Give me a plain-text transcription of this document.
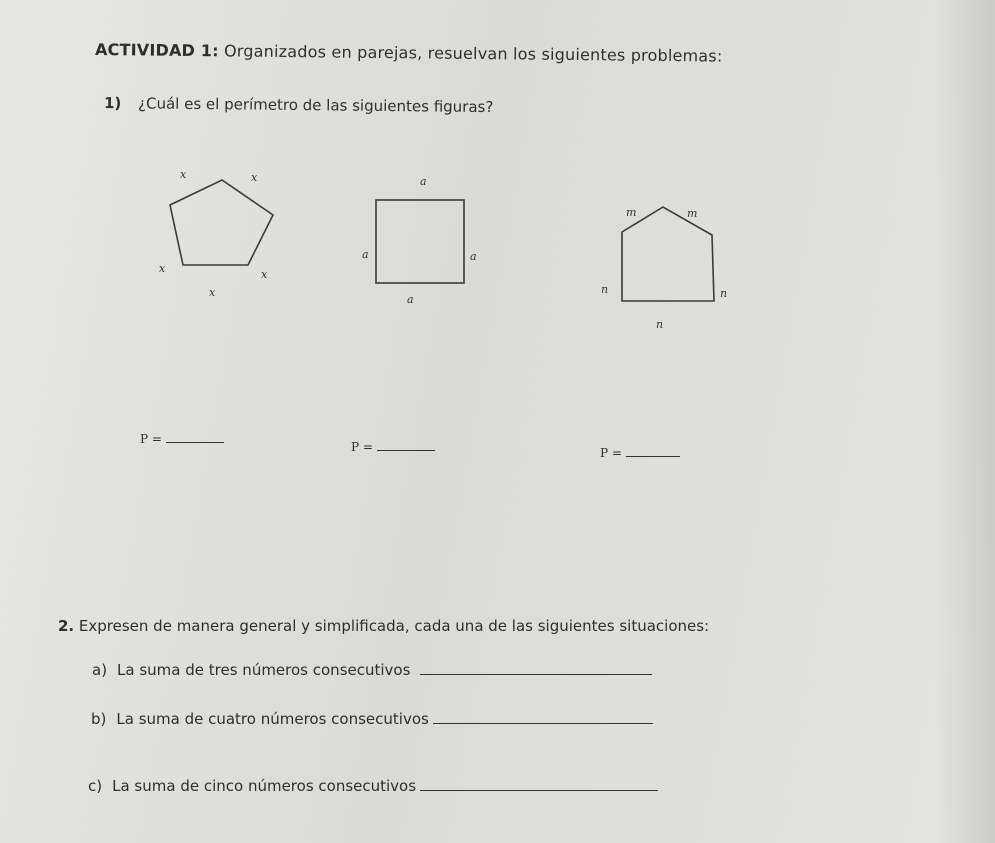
ACTIVIDAD 1: Organizados en parejas, resuelvan los siguientes problemas:
1) ¿Cuál es el perímetro de las siguientes figuras?
x	x
x	x
x
a
a	a
a
m	m
n	n
n
P =
P =	P =
2. Expresen de manera general y simplificada, cada una de las siguientes situaciones:
a) La suma de tres números consecutivos
b) La suma de cuatro números consecutivos
c) La suma de cinco números consecutivos
